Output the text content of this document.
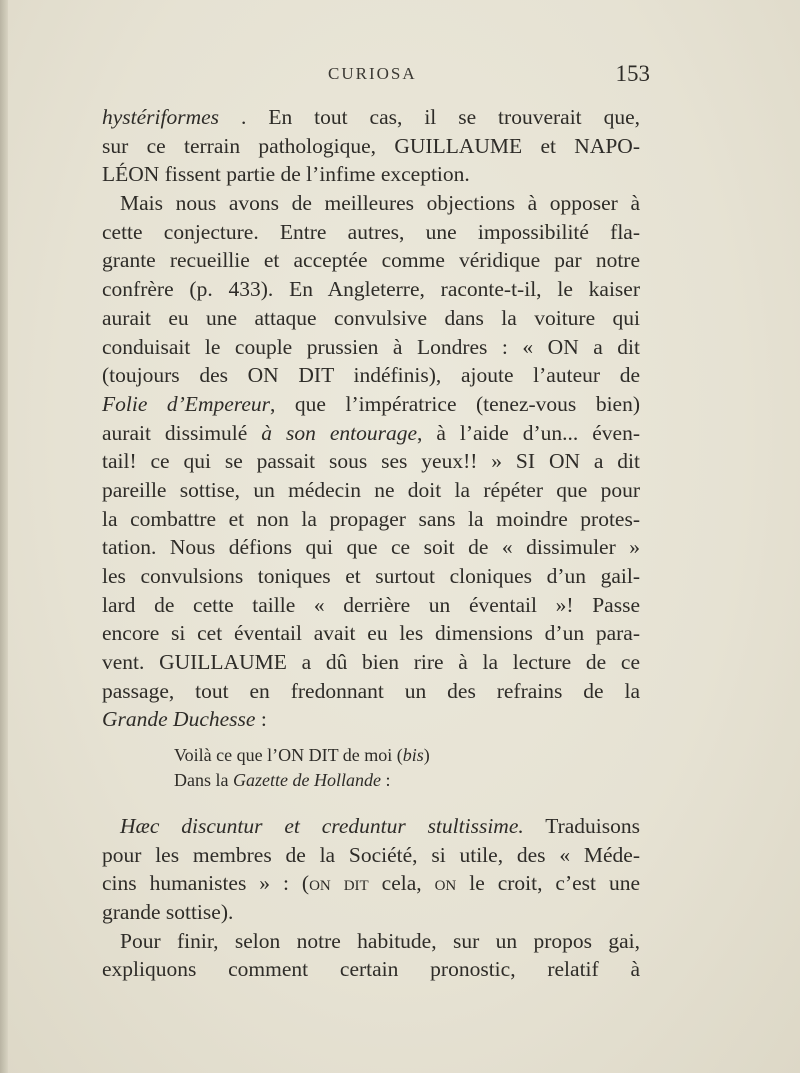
CURIOSA	153
hystériformes . En tout cas, il se trouverait que,
sur ce terrain pathologique, GUILLAUME et NAPO-
LÉON fissent partie de l’infime exception.
Mais nous avons de meilleures objections à opposer à
cette conjecture. Entre autres, une impossibilité fla-
grante recueillie et acceptée comme véridique par notre
confrère (p. 433). En Angleterre, raconte-t-il, le kaiser
aurait eu une attaque convulsive dans la voiture qui
conduisait le couple prussien à Londres : « ON a dit
(toujours des ON DIT indéfinis), ajoute l’auteur de
Folie d’Empereur, que l’impératrice (tenez-vous bien)
aurait dissimulé à son entourage, à l’aide d’un... éven-
tail! ce qui se passait sous ses yeux!! » SI ON a dit
pareille sottise, un médecin ne doit la répéter que pour
la combattre et non la propager sans la moindre protes-
tation. Nous défions qui que ce soit de « dissimuler »
les convulsions toniques et surtout cloniques d’un gail-
lard de cette taille « derrière un éventail »! Passe
encore si cet éventail avait eu les dimensions d’un para-
vent. GUILLAUME a dû bien rire à la lecture de ce
passage, tout en fredonnant un des refrains de la
Grande Duchesse :
Voilà ce que l’ON DIT de moi (bis)
Dans la Gazette de Hollande :
Hæc discuntur et creduntur stultissime. Traduisons
pour les membres de la Société, si utile, des « Méde-
cins humanistes » : (on dit cela, on le croit, c’est une
grande sottise).
Pour finir, selon notre habitude, sur un propos gai,
expliquons comment certain pronostic, relatif à
